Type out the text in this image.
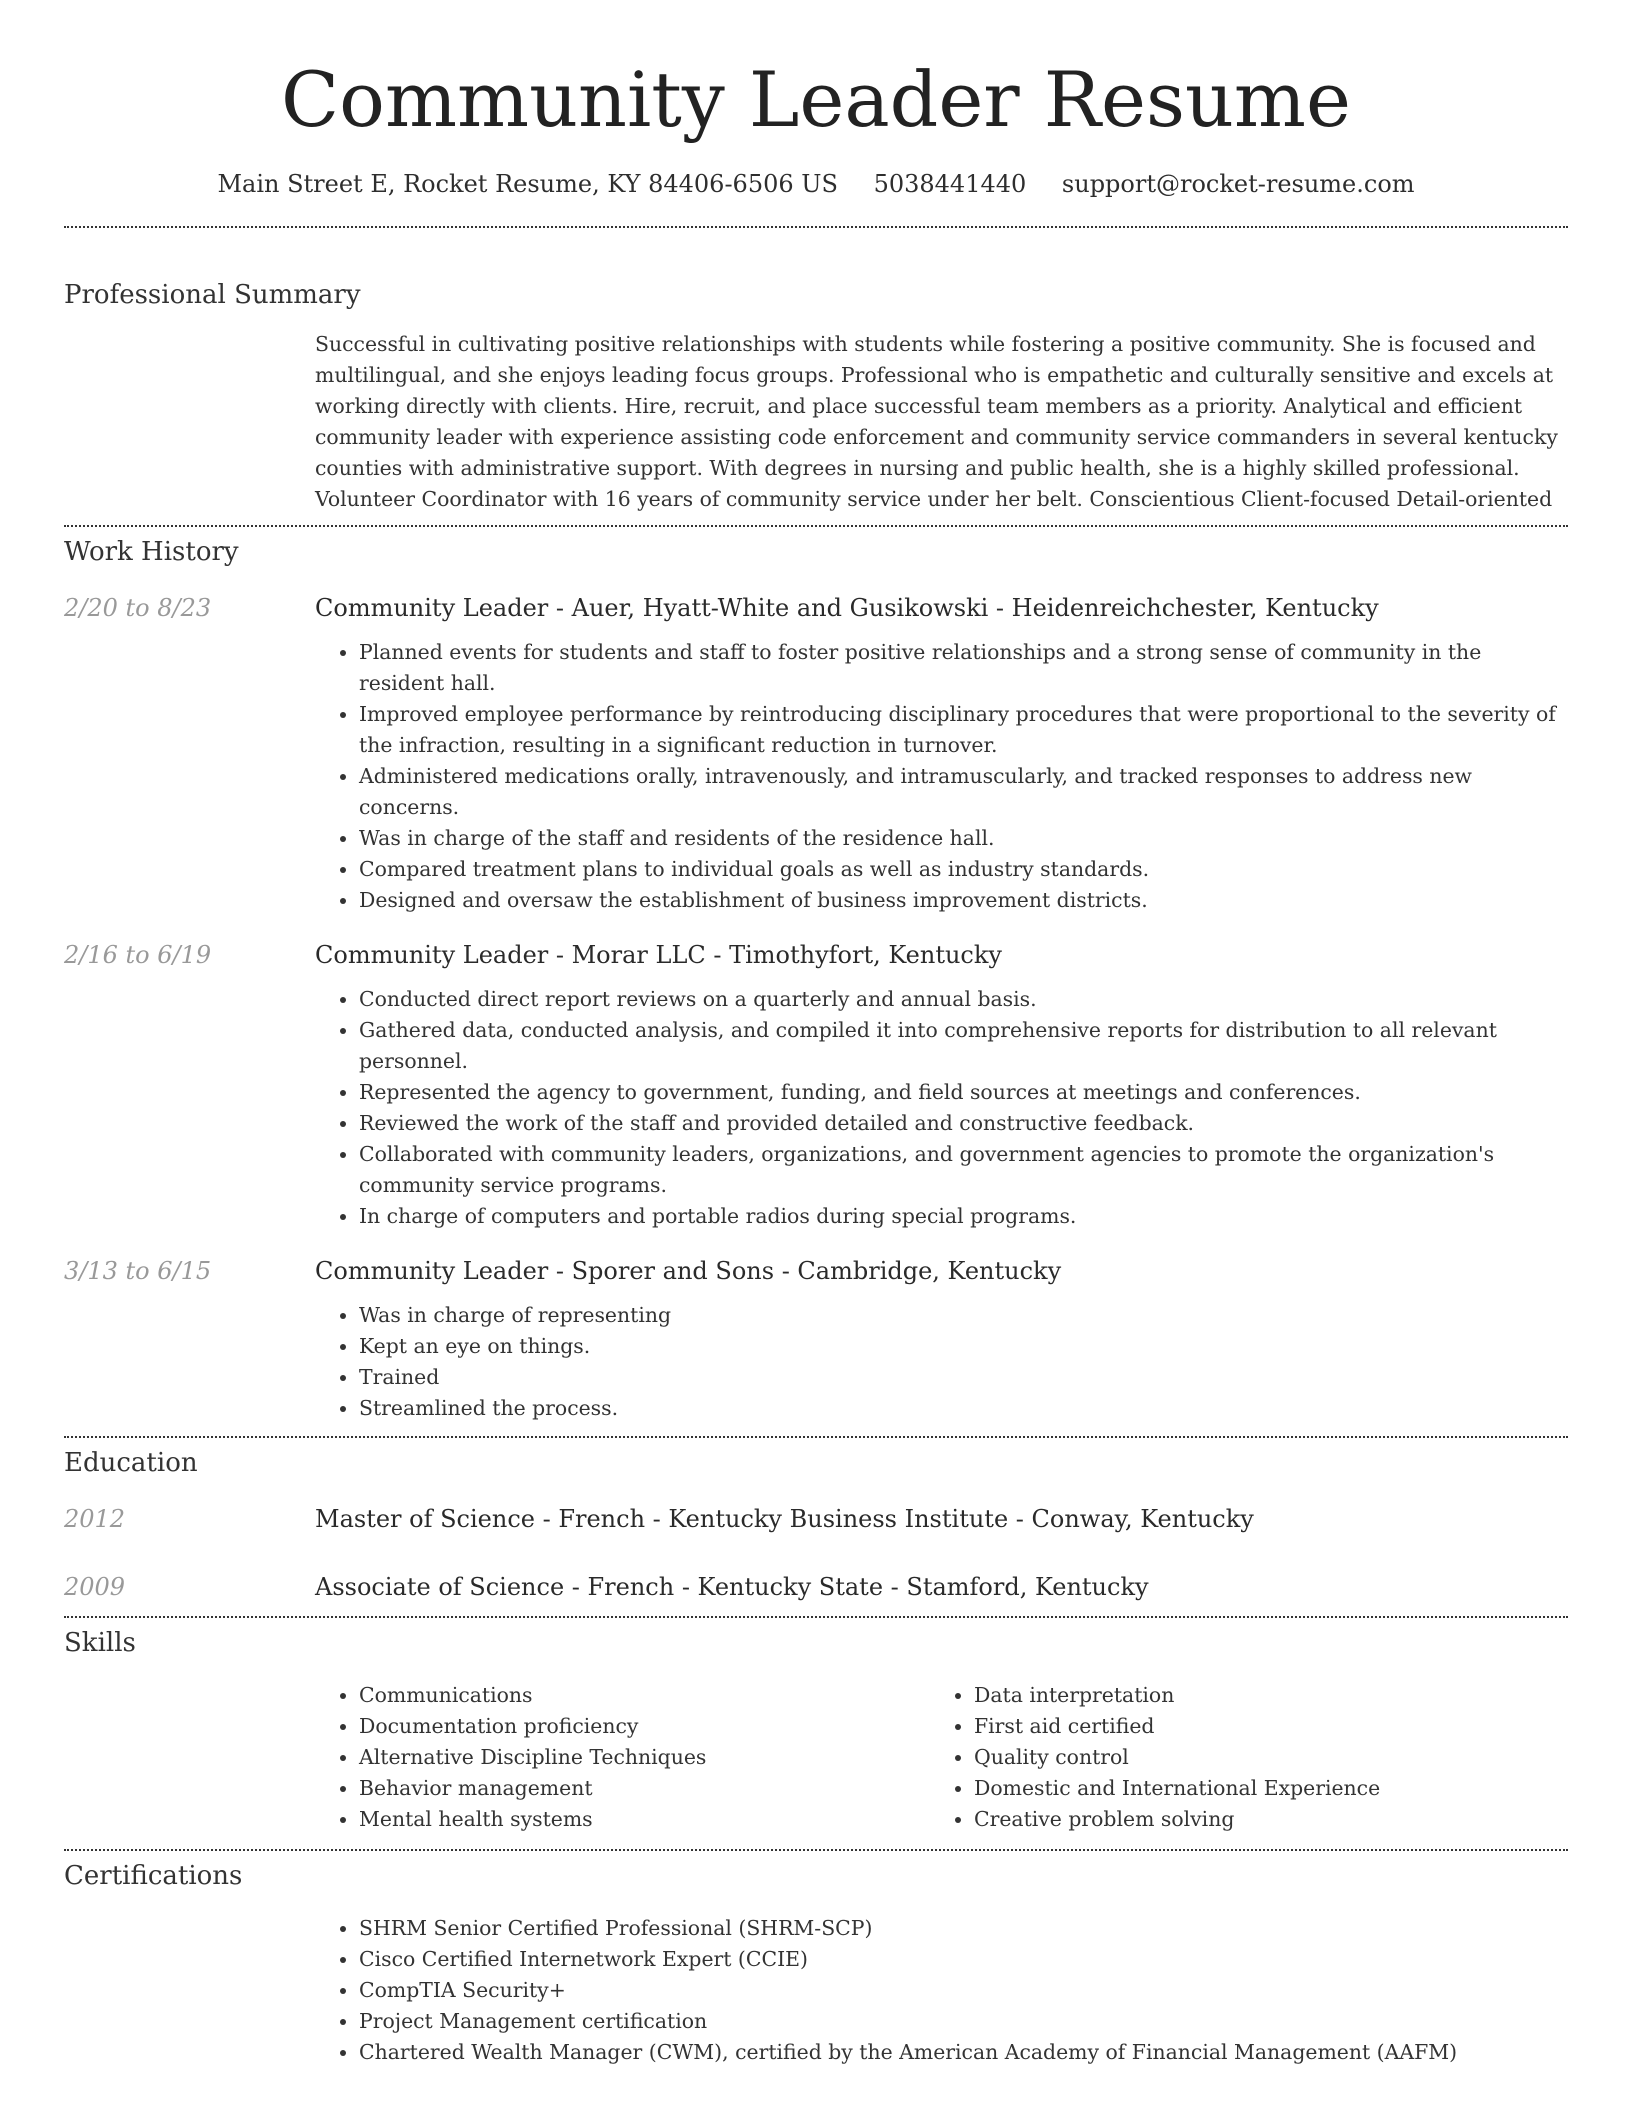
Community Leader Resume
Main Street E, Rocket Resume, KY 84406-6506 US 5038441440 support@rocket-resume.com
Professional Summary
Successful in cultivating positive relationships with students while fostering a positive community. She is focused and multilingual, and she enjoys leading focus groups. Professional who is empathetic and culturally sensitive and excels at working directly with clients. Hire, recruit, and place successful team members as a priority. Analytical and efficient community leader with experience assisting code enforcement and community service commanders in several kentucky counties with administrative support. With degrees in nursing and public health, she is a highly skilled professional. Volunteer Coordinator with 16 years of community service under her belt. Conscientious Client-focused Detail-oriented
Work History
2/20 to 8/23	Community Leader - Auer, Hyatt-White and Gusikowski - Heidenreichchester, Kentucky
• Planned events for students and staff to foster positive relationships and a strong sense of community in the resident hall.
• Improved employee performance by reintroducing disciplinary procedures that were proportional to the severity of the infraction, resulting in a significant reduction in turnover.
• Administered medications orally, intravenously, and intramuscularly, and tracked responses to address new concerns.
• Was in charge of the staff and residents of the residence hall.
• Compared treatment plans to individual goals as well as industry standards.
• Designed and oversaw the establishment of business improvement districts.
2/16 to 6/19	Community Leader - Morar LLC - Timothyfort, Kentucky
• Conducted direct report reviews on a quarterly and annual basis.
• Gathered data, conducted analysis, and compiled it into comprehensive reports for distribution to all relevant personnel.
• Represented the agency to government, funding, and field sources at meetings and conferences.
• Reviewed the work of the staff and provided detailed and constructive feedback.
• Collaborated with community leaders, organizations, and government agencies to promote the organization's community service programs.
• In charge of computers and portable radios during special programs.
3/13 to 6/15	Community Leader - Sporer and Sons - Cambridge, Kentucky
• Was in charge of representing
• Kept an eye on things.
• Trained
• Streamlined the process.
Education
2012	Master of Science - French - Kentucky Business Institute - Conway, Kentucky
2009	Associate of Science - French - Kentucky State - Stamford, Kentucky
Skills
• Communications
• Documentation proficiency
• Alternative Discipline Techniques
• Behavior management
• Mental health systems
• Data interpretation
• First aid certified
• Quality control
• Domestic and International Experience
• Creative problem solving
Certifications
• SHRM Senior Certified Professional (SHRM-SCP)
• Cisco Certified Internetwork Expert (CCIE)
• CompTIA Security+
• Project Management certification
• Chartered Wealth Manager (CWM), certified by the American Academy of Financial Management (AAFM)
